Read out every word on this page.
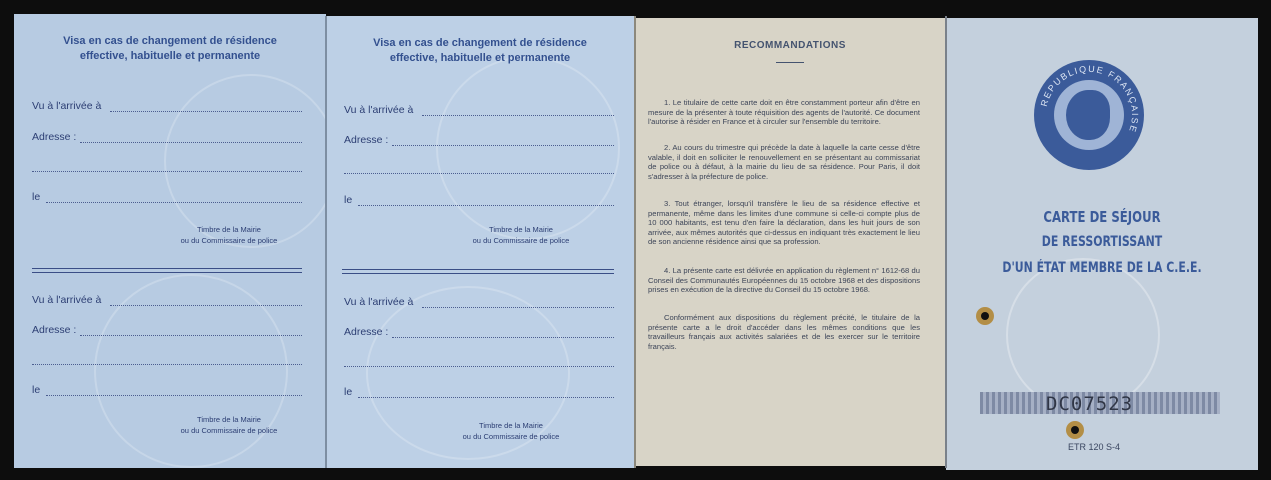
Visa en cas de changement de résidence
effective, habituelle et permanente
Vu à l'arrivée à
Adresse :
le
Timbre de la Mairie
ou du Commissaire de police
Vu à l'arrivée à
Adresse :
le
Timbre de la Mairie
ou du Commissaire de police
Visa en cas de changement de résidence
effective, habituelle et permanente
Vu à l'arrivée à
Adresse :
le
Timbre de la Mairie
ou du Commissaire de police
Vu à l'arrivée à
Adresse :
le
Timbre de la Mairie
ou du Commissaire de police
RECOMMANDATIONS

1. Le titulaire de cette carte doit en être constamment porteur afin d'être en mesure de la présenter à toute réquisition des agents de l'autorité. Ce document l'autorise à résider en France et à circuler sur l'ensemble du territoire.

2. Au cours du trimestre qui précède la date à laquelle la carte cesse d'être valable, il doit en solliciter le renouvellement en se présentant au commissariat de police ou à défaut, à la mairie du lieu de sa résidence. Pour Paris, il doit s'adresser à la préfecture de police.

3. Tout étranger, lorsqu'il transfère le lieu de sa résidence effective et permanente, même dans les limites d'une commune si celle-ci compte plus de 10 000 habitants, est tenu d'en faire la déclaration, dans les huit jours de son arrivée, aux mêmes autorités que ci-dessus en indiquant très exactement le lieu de son ancienne résidence ainsi que sa profession.

4. La présente carte est délivrée en application du règlement n° 1612-68 du Conseil des Communautés Européennes du 15 octobre 1968 et des dispositions prises en exécution de la directive du Conseil du 15 octobre 1968.

Conformément aux dispositions du règlement précité, le titulaire de la présente carte a le droit d'accéder dans les mêmes conditions que les travailleurs français aux activités salariées et de les exercer sur le territoire français.

REPUBLIQUE FRANÇAISE
CARTE DE SÉJOUR
DE RESSORTISSANT
D'UN ÉTAT MEMBRE DE LA C.E.E.
DC07523
ETR 120 S-4
